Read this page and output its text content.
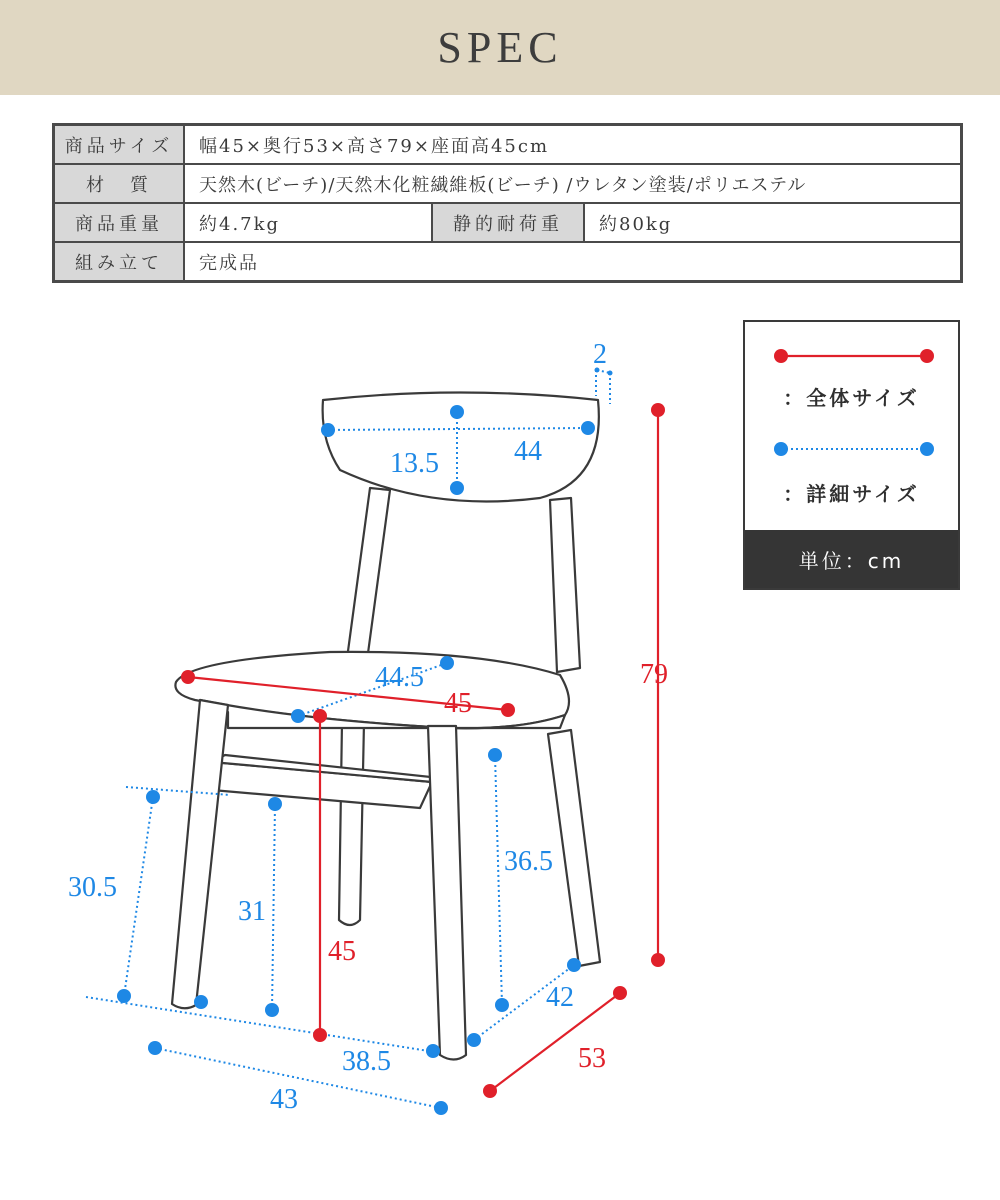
SPEC
商品サイズ	幅45×奥行53×高さ79×座面高45cm		
材　質	天然木(ビーチ)/天然木化粧繊維板(ビーチ) /ウレタン塗装/ポリエステル		
商品重量	約4.7kg	静的耐荷重	約80kg
組み立て	完成品		
2
13.5	44
44.5
45
79
30.5
31
45
36.5
42
53
38.5
43
：全体サイズ
：詳細サイズ
単位：cm
